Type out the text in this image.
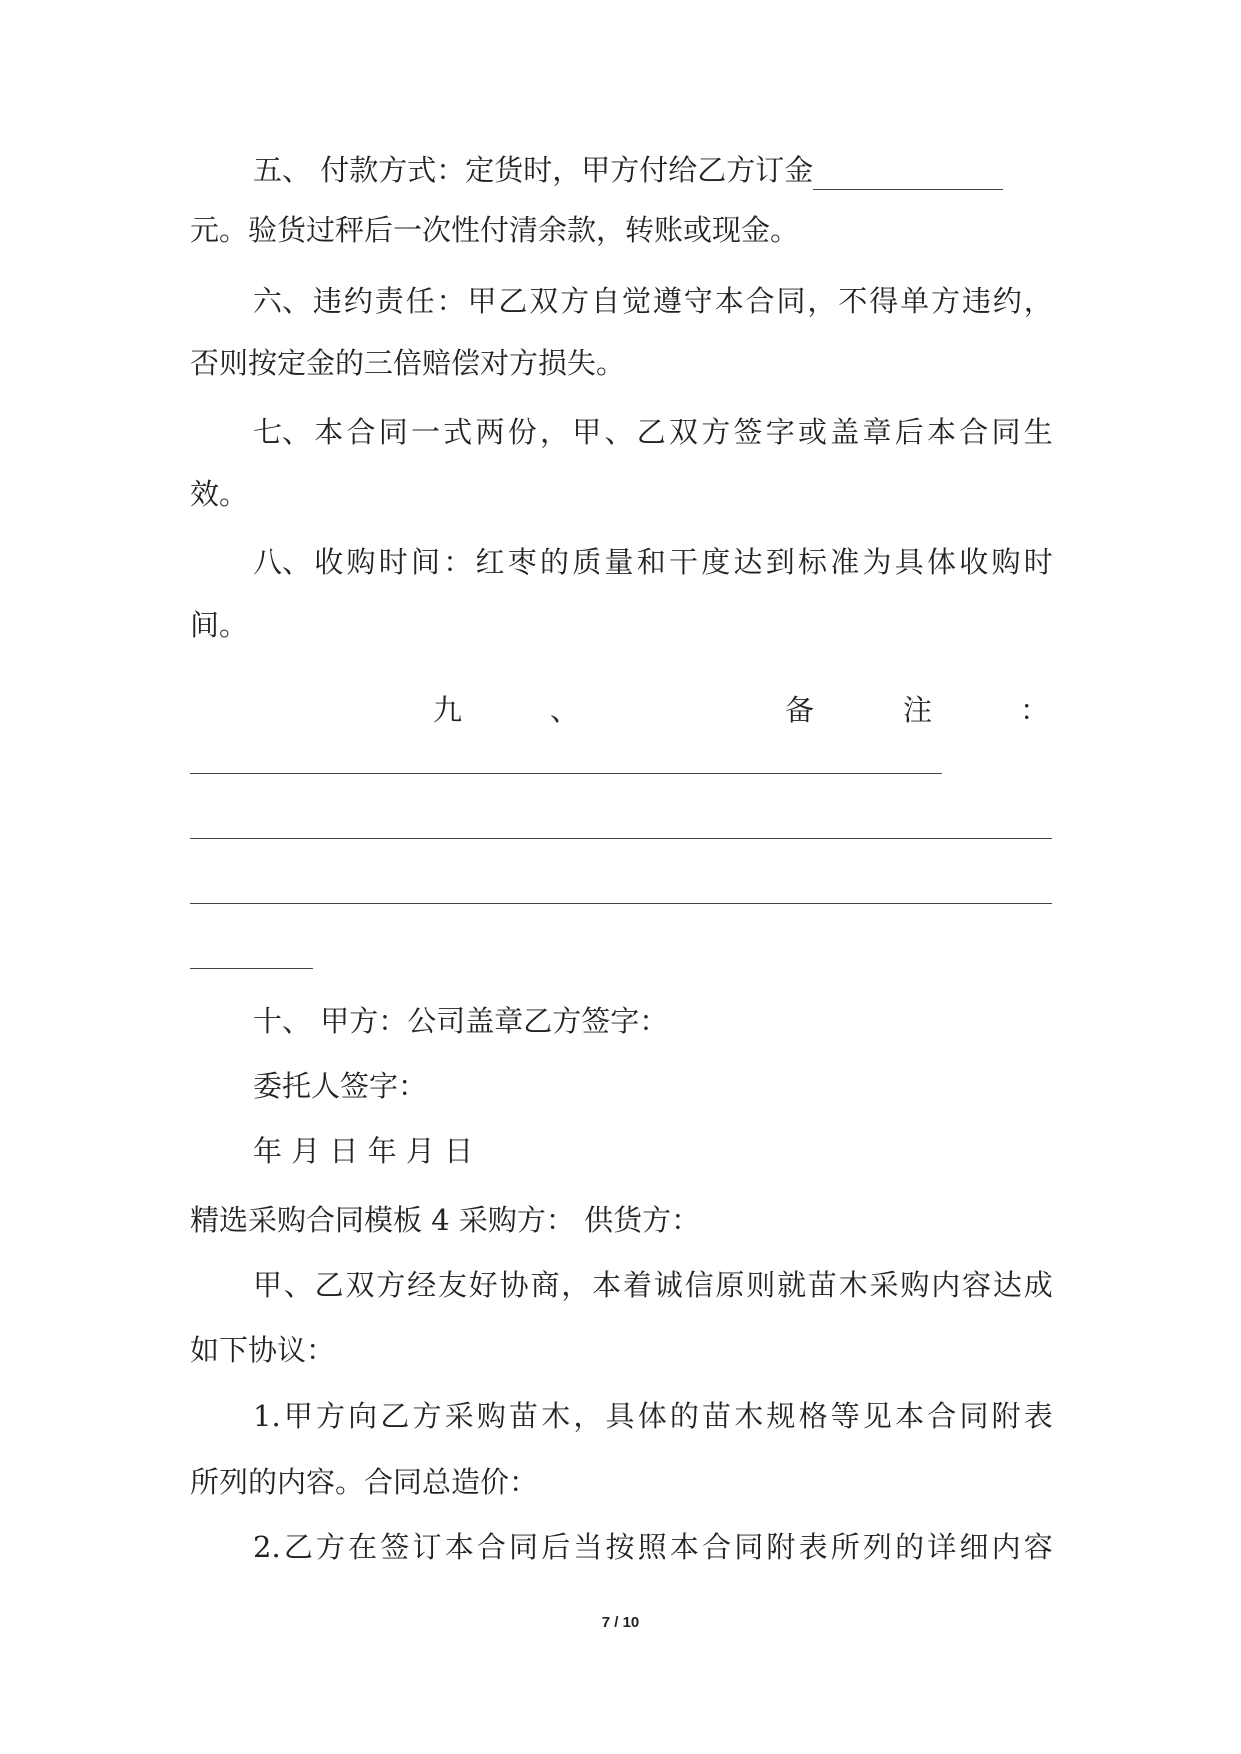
五、 付款方式：定货时，甲方付给乙方订金
元。验货过秤后一次性付清余款，转账或现金。
六、 违 约 责 任 ： 甲 乙 双 方 自 觉 遵 守 本 合 同 ， 不 得 单 方 违 约 ，
否则按定金的三倍赔偿对方损失。
七、 本 合 同 一 式 两 份 ， 甲 、 乙 双 方 签 字 或 盖 章 后 本 合 同 生
效。
八、 收 购 时 间 ： 红 枣 的 质 量 和 干 度 达 到 标 准 为 具 体 收 购 时
间。
九	、	备	注	：
十、 甲方：公司盖章乙方签字：
委托人签字：
年 月 日 年 月 日
精选采购合同模板 4 采购方： 供货方：
甲 、 乙 双 方 经 友 好 协 商 ， 本 着 诚 信 原 则 就 苗 木 采 购 内 容 达 成
如下协议：
1. 甲 方 向 乙 方 采 购 苗 木 ， 具 体 的 苗 木 规 格 等 见 本 合 同 附 表
所列的内容。合同总造价：
2. 乙 方 在 签 订 本 合 同 后 当 按 照 本 合 同 附 表 所 列 的 详 细 内 容
7 / 10
